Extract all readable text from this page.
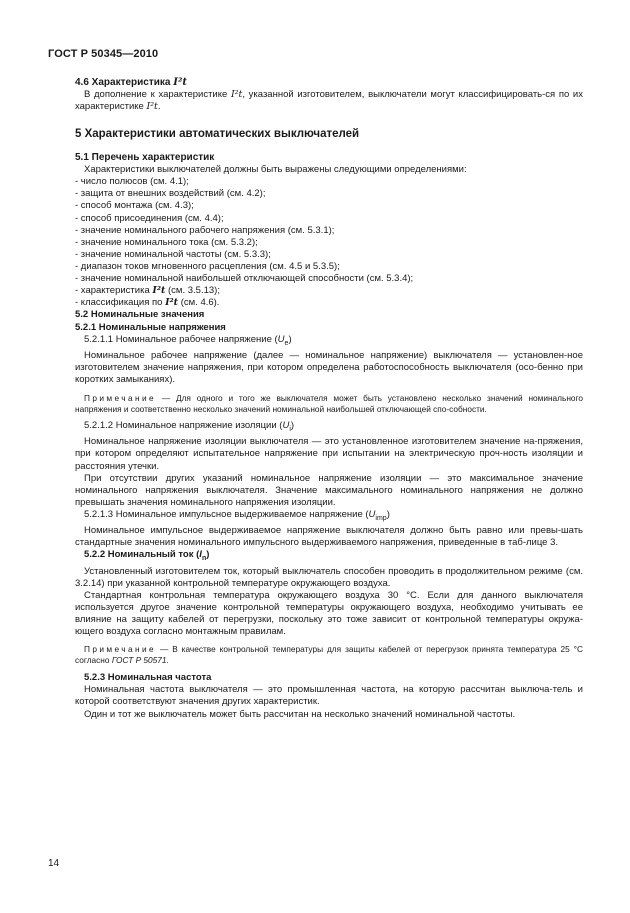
ГОСТ Р 50345—2010

4.6 Характеристика I²t

В дополнение к характеристике I²t, указанной изготовителем, выключатели могут классифицировать-ся по их характеристике I²t.

5 Характеристики автоматических выключателей

5.1 Перечень характеристик

Характеристики выключателей должны быть выражены следующими определениями:

- число полюсов (см. 4.1);

- защита от внешних воздействий (см. 4.2);

- способ монтажа (см. 4.3);

- способ присоединения (см. 4.4);

- значение номинального рабочего напряжения (см. 5.3.1);

- значение номинального тока (см. 5.3.2);

- значение номинальной частоты (см. 5.3.3);

- диапазон токов мгновенного расцепления (см. 4.5 и 5.3.5);

- значение номинальной наибольшей отключающей способности (см. 5.3.4);

- характеристика I²t (см. 3.5.13);

- классификация по I²t (см. 4.6).

5.2 Номинальные значения

5.2.1 Номинальные напряжения

5.2.1.1 Номинальное рабочее напряжение $(U_e)$

Номинальное рабочее напряжение (далее — номинальное напряжение) выключателя — установлен-ное изготовителем значение напряжения, при котором определена работоспособность выключателя (осо-бенно при коротких замыканиях).

Примечание — Для одного и того же выключателя может быть установлено несколько значений номинального напряжения и соответственно несколько значений номинальной наибольшей отключающей спо-собности.

5.2.1.2 Номинальное напряжение изоляции $(U_i)$

Номинальное напряжение изоляции выключателя — это установленное изготовителем значение на-пряжения, при котором определяют испытательное напряжение при испытании на электрическую проч-ность изоляции и расстояния утечки.

При отсутствии других указаний номинальное напряжение изоляции — это максимальное значение номинального напряжения выключателя. Значение максимального номинального напряжения не должно превышать значения номинального напряжения изоляции.

5.2.1.3 Номинальное импульсное выдерживаемое напряжение $(U_{imp})$

Номинальное импульсное выдерживаемое напряжение выключателя должно быть равно или превы-шать стандартные значения номинального импульсного выдерживаемого напряжения, приведенные в таб-лице 3.

5.2.2 Номинальный ток $(I_n)$

Установленный изготовителем ток, который выключатель способен проводить в продолжительном режиме (см. 3.2.14) при указанной контрольной температуре окружающего воздуха.

Стандартная контрольная температура окружающего воздуха 30 °С. Если для данного выключателя используется другое значение контрольной температуры окружающего воздуха, необходимо учитывать ее влияние на защиту кабелей от перегрузки, поскольку это тоже зависит от контрольной температуры окружа-ющего воздуха согласно монтажным правилам.

Примечание — В качестве контрольной температуры для защиты кабелей от перегрузок принята температура 25 °С согласно ГОСТ Р 50571.

5.2.3 Номинальная частота

Номинальная частота выключателя — это промышленная частота, на которую рассчитан выключа-тель и которой соответствуют значения других характеристик.

Один и тот же выключатель может быть рассчитан на несколько значений номинальной частоты.

14
